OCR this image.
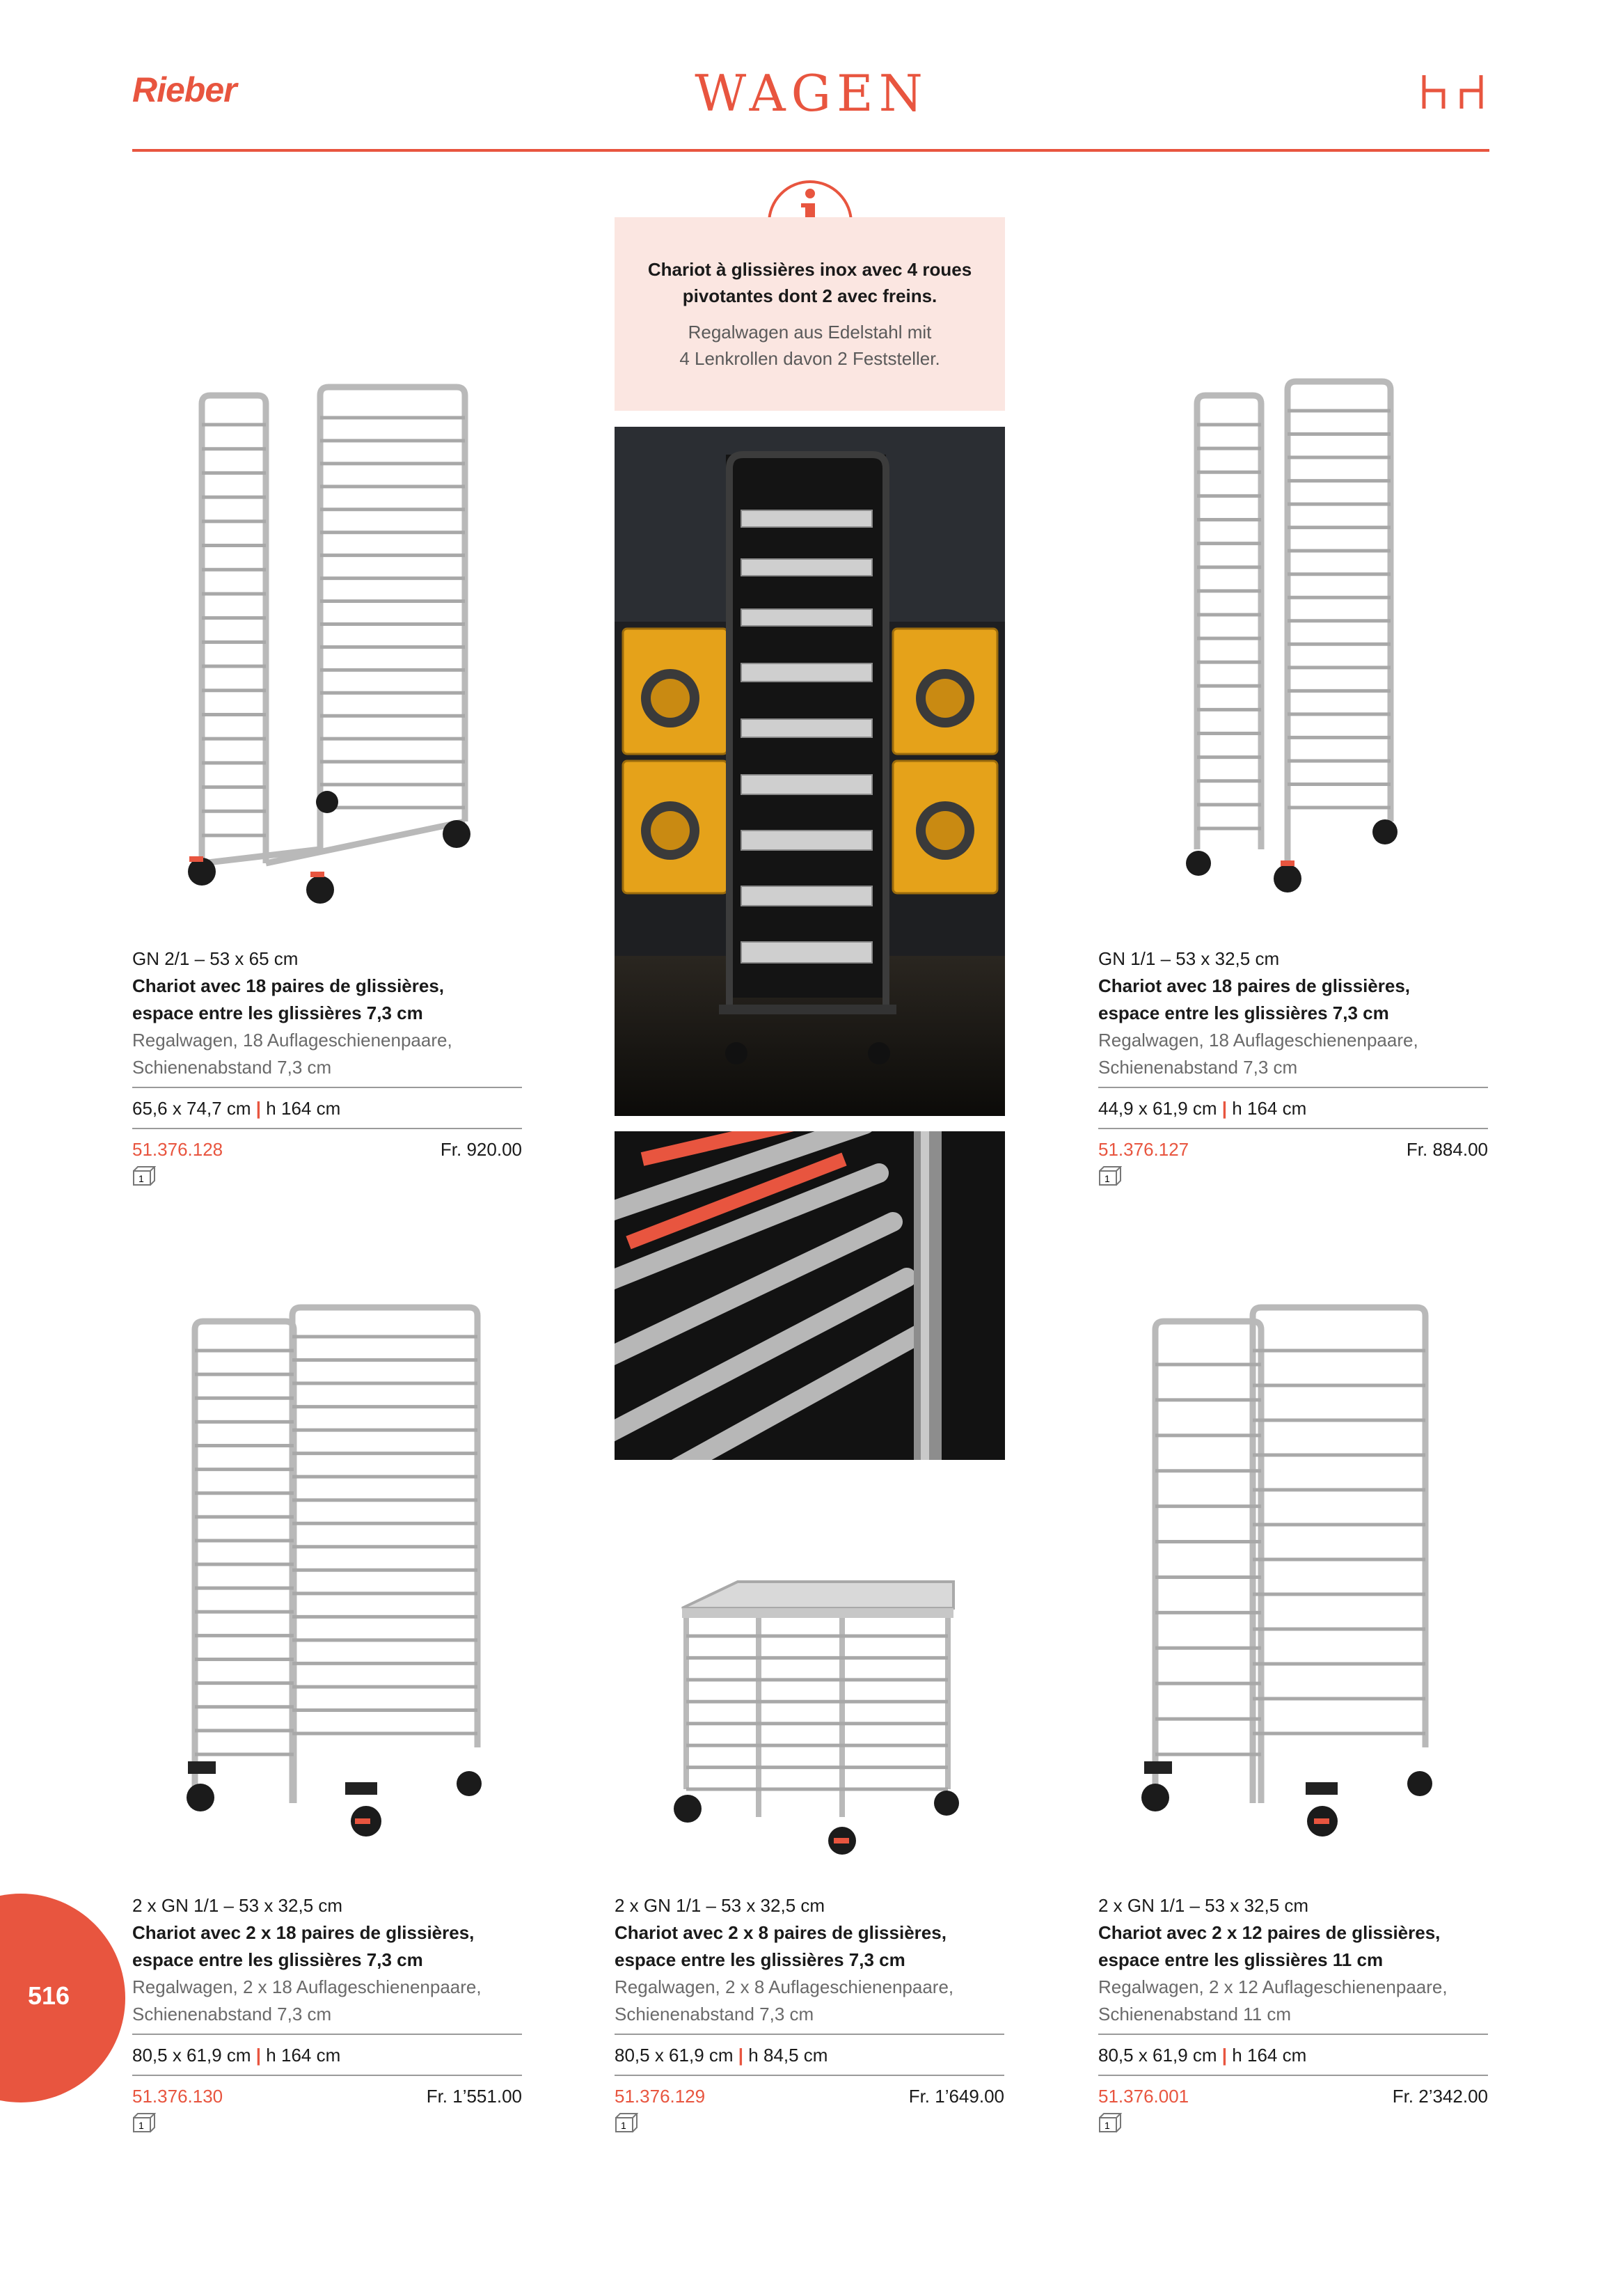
Rieber	WAGEN
Chariot à glissières inox avec 4 roues
pivotantes dont 2 avec freins.
Regalwagen aus Edelstahl mit
4 Lenkrollen davon 2 Feststeller.
GN 2/1 – 53 x 65 cm
Chariot avec 18 paires de glissières,
espace entre les glissières 7,3 cm
Regalwagen, 18 Auflageschienenpaare,
Schienenabstand 7,3 cm
65,6 x 74,7 cm | h 164 cm
51.376.128	Fr. 920.00
1
GN 1/1 – 53 x 32,5 cm
Chariot avec 18 paires de glissières,
espace entre les glissières 7,3 cm
Regalwagen, 18 Auflageschienenpaare,
Schienenabstand 7,3 cm
44,9 x 61,9 cm | h 164 cm
51.376.127	Fr. 884.00
1
2 x GN 1/1 – 53 x 32,5 cm
Chariot avec 2 x 18 paires de glissières,
espace entre les glissières 7,3 cm
Regalwagen, 2 x 18 Auflageschienenpaare,
Schienenabstand 7,3 cm
80,5 x 61,9 cm | h 164 cm
51.376.130	Fr. 1’551.00
1
2 x GN 1/1 – 53 x 32,5 cm
Chariot avec 2 x 8 paires de glissières,
espace entre les glissières 7,3 cm
Regalwagen, 2 x 8 Auflageschienenpaare,
Schienenabstand 7,3 cm
80,5 x 61,9 cm | h 84,5 cm
51.376.129	Fr. 1’649.00
1
2 x GN 1/1 – 53 x 32,5 cm
Chariot avec 2 x 12 paires de glissières,
espace entre les glissières 11 cm
Regalwagen, 2 x 12 Auflageschienenpaare,
Schienenabstand 11 cm
80,5 x 61,9 cm | h 164 cm
51.376.001	Fr. 2’342.00
1
516
